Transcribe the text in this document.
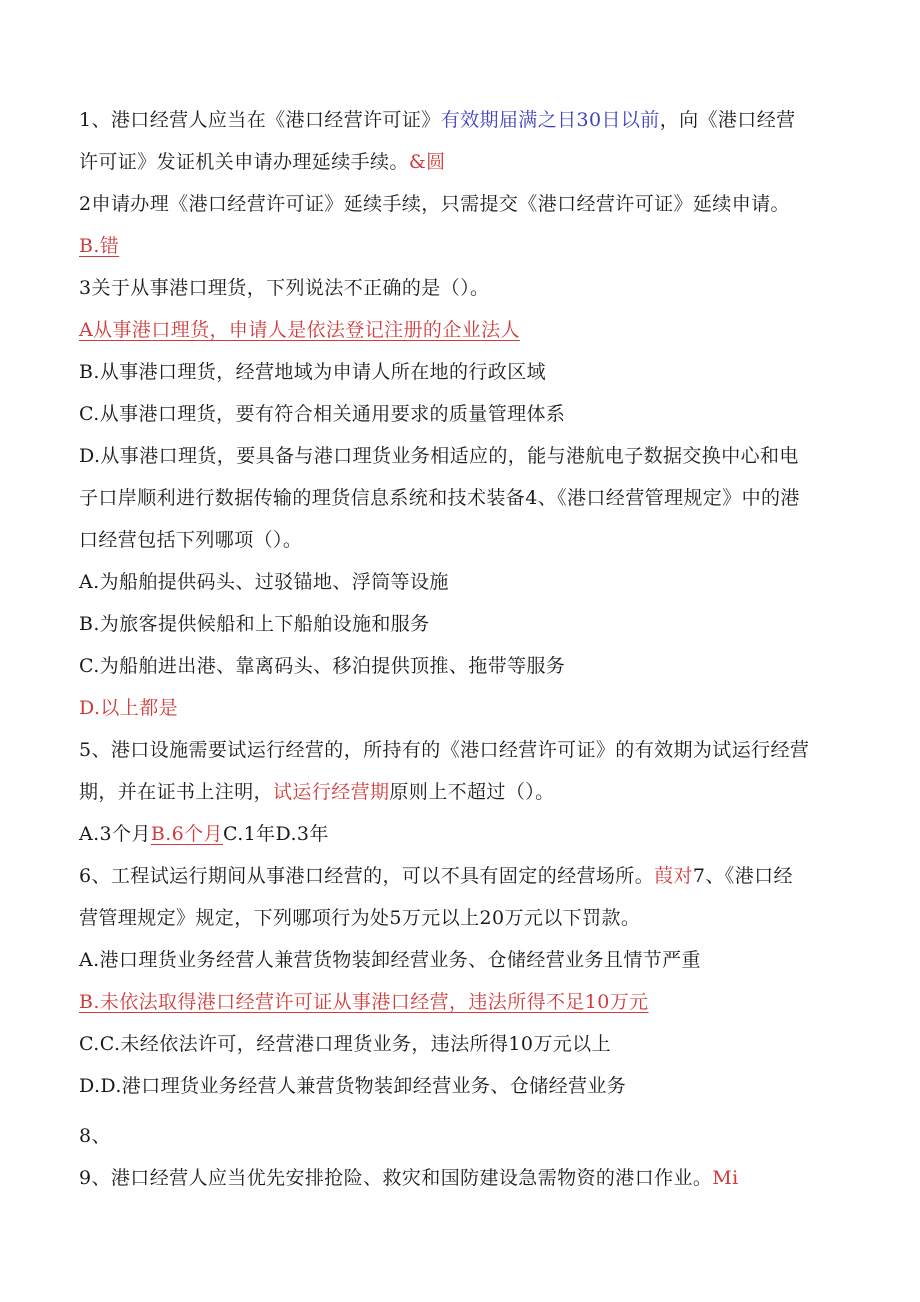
1、港口经营人应当在《港口经营许可证》有效期届满之日30日以前，向《港口经营
许可证》发证机关申请办理延续手续。&圆
2申请办理《港口经营许可证》延续手续，只需提交《港口经营许可证》延续申请。
B.错
3关于从事港口理货，下列说法不正确的是（）。
A从事港口理货，申请人是依法登记注册的企业法人
B.从事港口理货，经营地域为申请人所在地的行政区域
C.从事港口理货，要有符合相关通用要求的质量管理体系
D.从事港口理货，要具备与港口理货业务相适应的，能与港航电子数据交换中心和电
子口岸顺利进行数据传输的理货信息系统和技术装备4、《港口经营管理规定》中的港
口经营包括下列哪项（）。
A.为船舶提供码头、过驳锚地、浮筒等设施
B.为旅客提供候船和上下船舶设施和服务
C.为船舶进出港、靠离码头、移泊提供顶推、拖带等服务
D.以上都是
5、港口设施需要试运行经营的，所持有的《港口经营许可证》的有效期为试运行经营
期，并在证书上注明，试运行经营期原则上不超过（）。
A.3个月B.6个月C.1年D.3年
6、工程试运行期间从事港口经营的，可以不具有固定的经营场所。葭对7、《港口经
营管理规定》规定，下列哪项行为处5万元以上20万元以下罚款。
A.港口理货业务经营人兼营货物装卸经营业务、仓储经营业务且情节严重
B.未依法取得港口经营许可证从事港口经营，违法所得不足10万元
C.C.未经依法许可，经营港口理货业务，违法所得10万元以上
D.D.港口理货业务经营人兼营货物装卸经营业务、仓储经营业务
8、
9、港口经营人应当优先安排抢险、救灾和国防建设急需物资的港口作业。Mi
